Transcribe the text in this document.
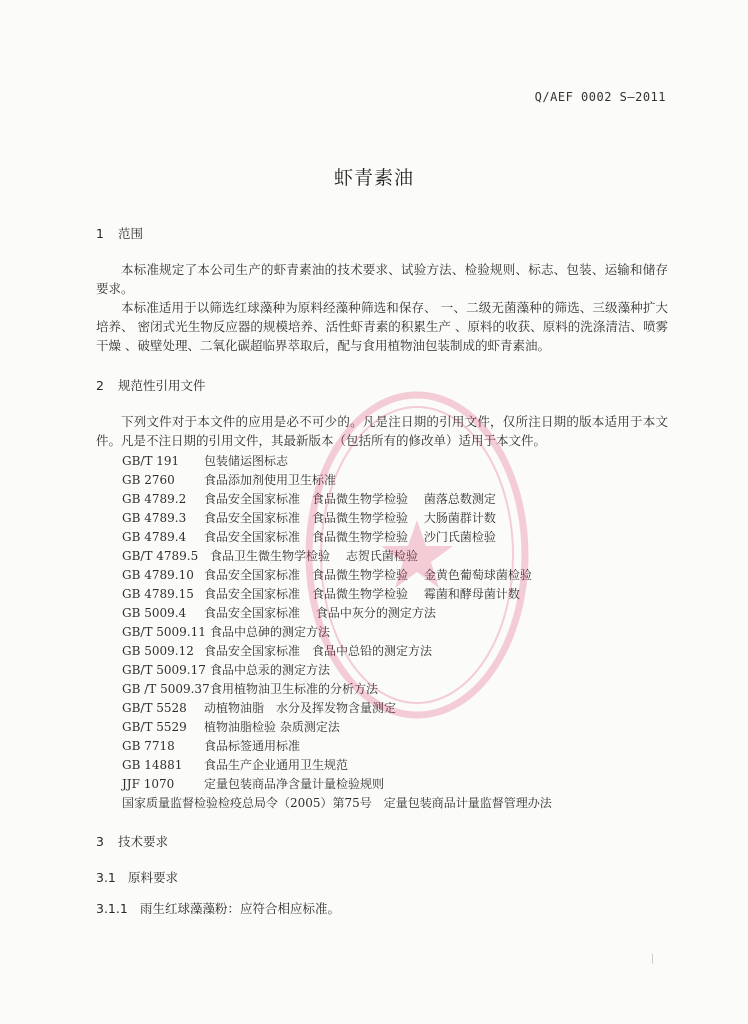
Q/AEF 0002 S—2011
虾青素油
1 范围
本标准规定了本公司生产的虾青素油的技术要求、试验方法、检验规则、标志、包装、运输和储存要求。
本标准适用于以筛选红球藻种为原料经藻种筛选和保存、 一、二级无菌藻种的筛选、三级藻种扩大培养、 密闭式光生物反应器的规模培养、活性虾青素的积累生产 、原料的收获、原料的洗涤清洁、喷雾干燥 、破壁处理、二氧化碳超临界萃取后，配与食用植物油包装制成的虾青素油。
2 规范性引用文件
下列文件对于本文件的应用是必不可少的。凡是注日期的引用文件，仅所注日期的版本适用于本文件。凡是不注日期的引用文件，其最新版本（包括所有的修改单）适用于本文件。
GB/T 191 包装储运图标志
GB 2760 食品添加剂使用卫生标准
GB 4789.2 食品安全国家标准　食品微生物学检验　 菌落总数测定
GB 4789.3 食品安全国家标准　食品微生物学检验　 大肠菌群计数
GB 4789.4 食品安全国家标准　食品微生物学检验　 沙门氏菌检验
GB/T 4789.5 食品卫生微生物学检验　 志贺氏菌检验
GB 4789.10 食品安全国家标准　食品微生物学检验　 金黄色葡萄球菌检验
GB 4789.15 食品安全国家标准　食品微生物学检验　 霉菌和酵母菌计数
GB 5009.4 食品安全国家标准　 食品中灰分的测定方法
GB/T 5009.11 食品中总砷的测定方法
GB 5009.12 食品安全国家标准　食品中总铅的测定方法
GB/T 5009.17 食品中总汞的测定方法
GB /T 5009.37食用植物油卫生标准的分析方法
GB/T 5528 动植物油脂　水分及挥发物含量测定
GB/T 5529 植物油脂检验 杂质测定法
GB 7718 食品标签通用标准
GB 14881 食品生产企业通用卫生规范
JJF 1070 定量包装商品净含量计量检验规则
国家质量监督检验检疫总局令（2005）第75号　定量包装商品计量监督管理办法
3 技术要求
3.1 原料要求
3.1.1 雨生红球藻藻粉：应符合相应标准。
|
